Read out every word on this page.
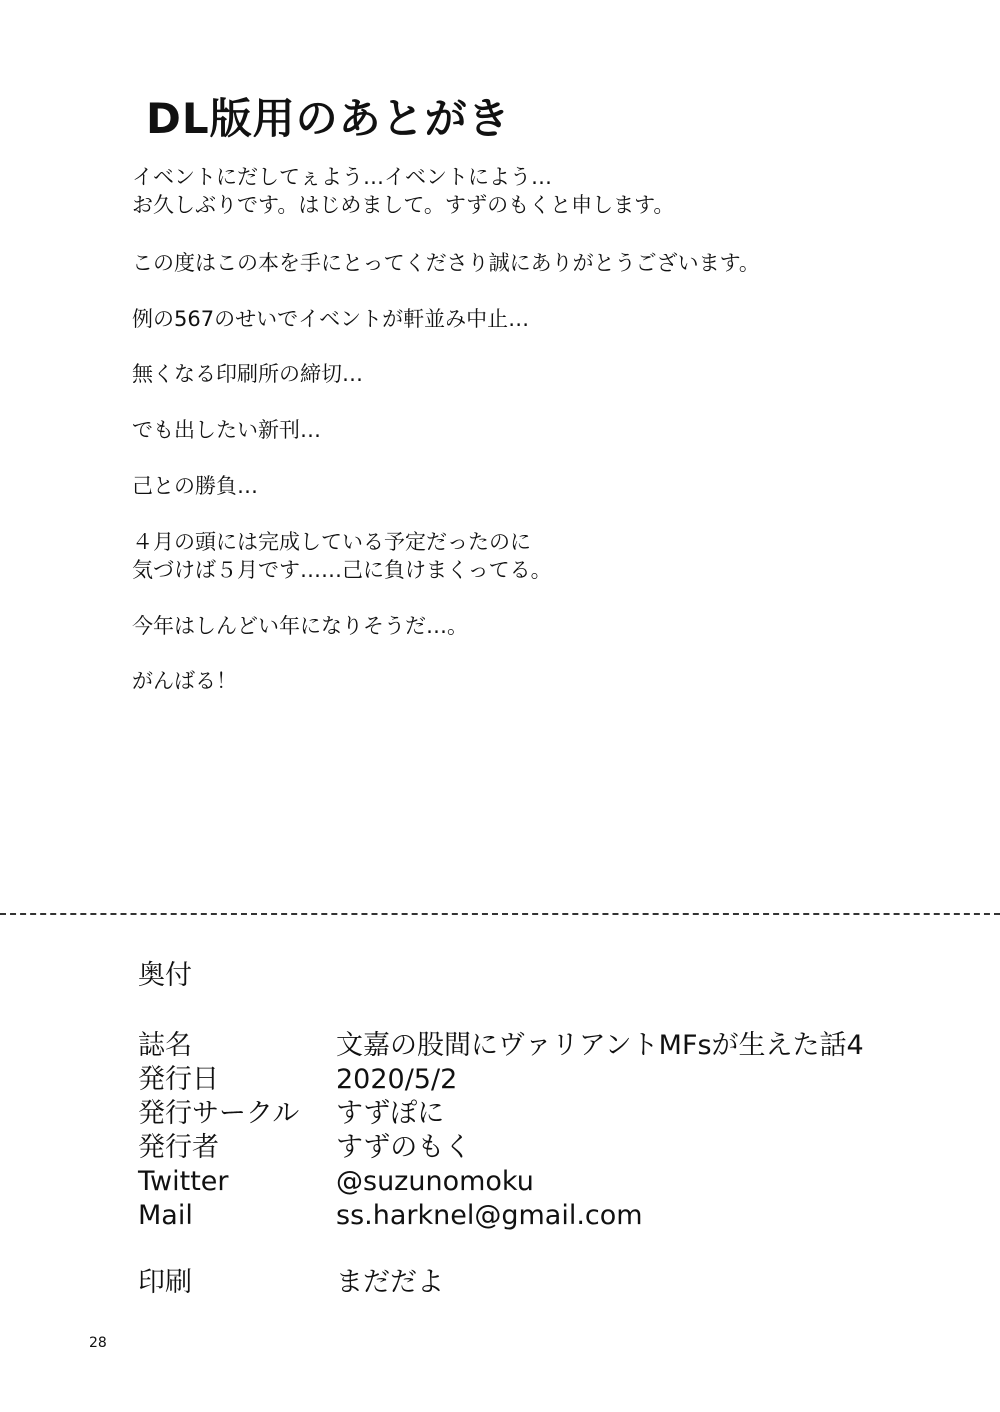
DL版用のあとがき

イベントにだしてぇよう…イベントによう…
お久しぶりです。はじめまして。すずのもくと申します。

この度はこの本を手にとってくださり誠にありがとうございます。

例の567のせいでイベントが軒並み中止…

無くなる印刷所の締切…

でも出したい新刊…

己との勝負…

４月の頭には完成している予定だったのに
気づけば５月です……己に負けまくってる。

今年はしんどい年になりそうだ…。

がんばる！

奥付
誌名	文嘉の股間にヴァリアントMFsが生えた話4
発行日	2020/5/2
発行サークル すずぽに
発行者	すずのもく
Twitter	@suzunomoku
Mail	ss.harknel@gmail.com
印刷	まだだよ
28
